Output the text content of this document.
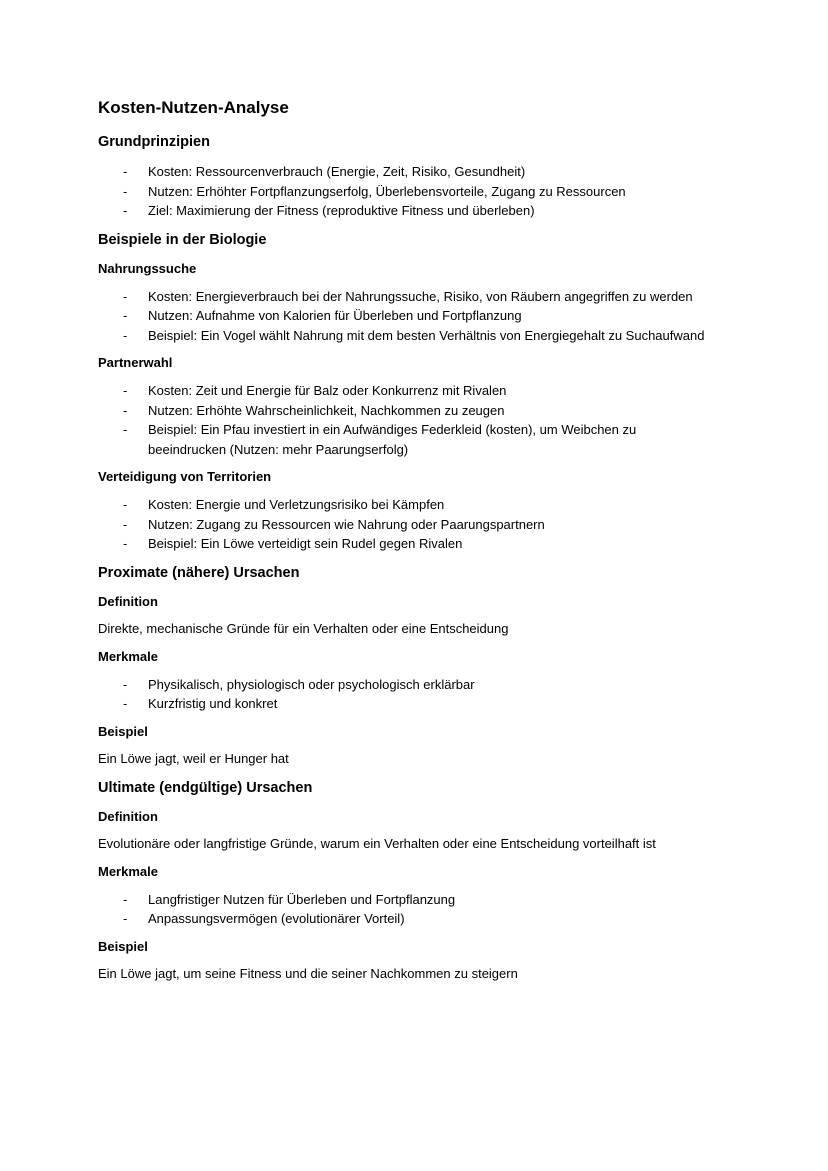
Kosten-Nutzen-Analyse
Grundprinzipien
- Kosten: Ressourcenverbrauch (Energie, Zeit, Risiko, Gesundheit)
- Nutzen: Erhöhter Fortpflanzungserfolg, Überlebensvorteile, Zugang zu Ressourcen
- Ziel: Maximierung der Fitness (reproduktive Fitness und überleben)
Beispiele in der Biologie
Nahrungssuche
- Kosten: Energieverbrauch bei der Nahrungssuche, Risiko, von Räubern angegriffen zu werden
- Nutzen: Aufnahme von Kalorien für Überleben und Fortpflanzung
- Beispiel: Ein Vogel wählt Nahrung mit dem besten Verhältnis von Energiegehalt zu Suchaufwand
Partnerwahl
- Kosten: Zeit und Energie für Balz oder Konkurrenz mit Rivalen
- Nutzen: Erhöhte Wahrscheinlichkeit, Nachkommen zu zeugen
- Beispiel: Ein Pfau investiert in ein Aufwändiges Federkleid (kosten), um Weibchen zu beeindrucken (Nutzen: mehr Paarungserfolg)
Verteidigung von Territorien
- Kosten: Energie und Verletzungsrisiko bei Kämpfen
- Nutzen: Zugang zu Ressourcen wie Nahrung oder Paarungspartnern
- Beispiel: Ein Löwe verteidigt sein Rudel gegen Rivalen
Proximate (nähere) Ursachen
Definition
Direkte, mechanische Gründe für ein Verhalten oder eine Entscheidung
Merkmale
- Physikalisch, physiologisch oder psychologisch erklärbar
- Kurzfristig und konkret
Beispiel
Ein Löwe jagt, weil er Hunger hat
Ultimate (endgültige) Ursachen
Definition
Evolutionäre oder langfristige Gründe, warum ein Verhalten oder eine Entscheidung vorteilhaft ist
Merkmale
- Langfristiger Nutzen für Überleben und Fortpflanzung
- Anpassungsvermögen (evolutionärer Vorteil)
Beispiel
Ein Löwe jagt, um seine Fitness und die seiner Nachkommen zu steigern
